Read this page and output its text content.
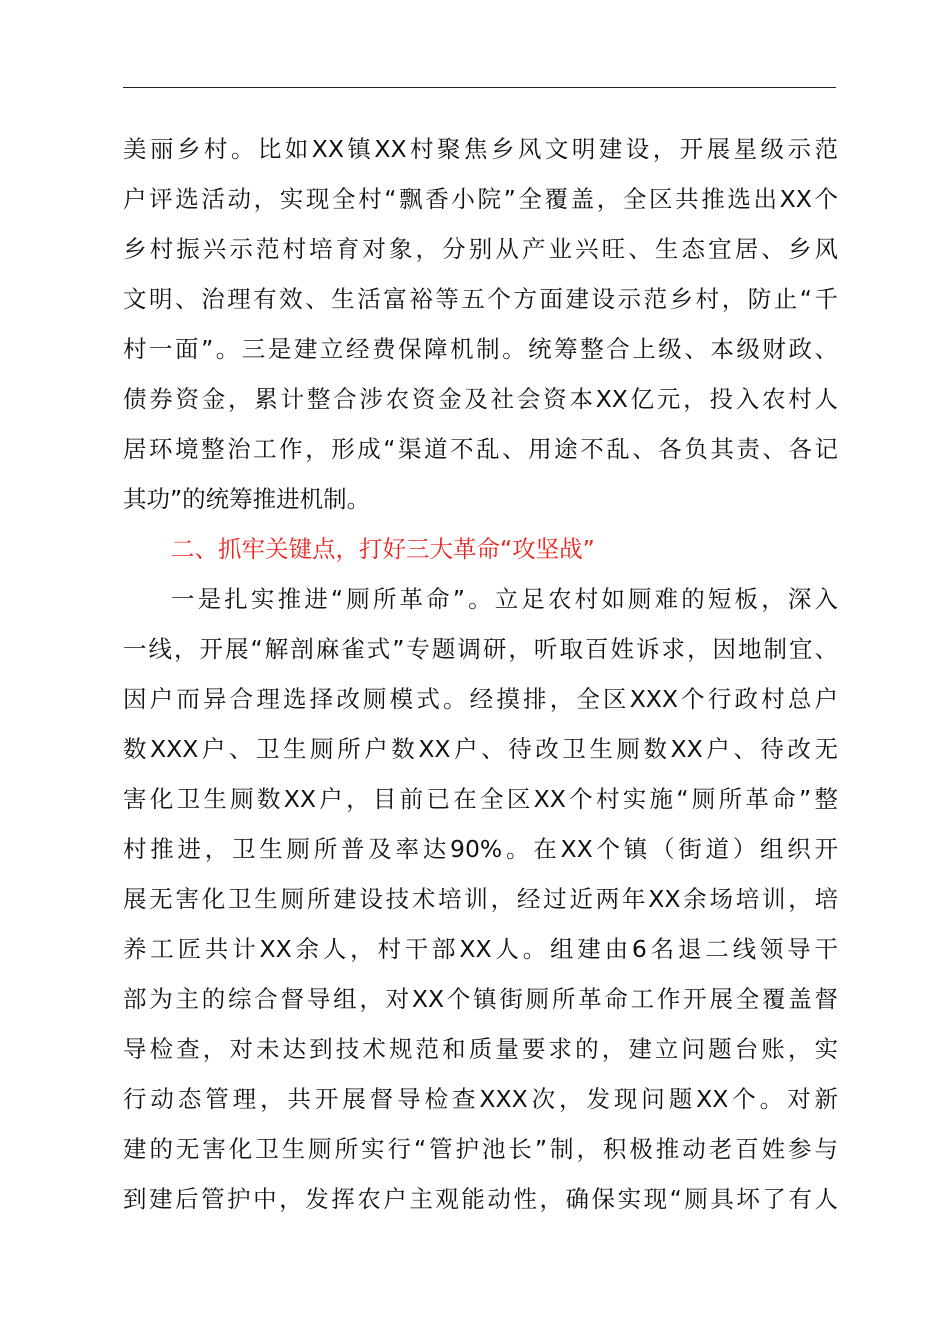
美丽乡村。比如XX镇XX村聚焦乡风文明建设，开展星级示范
户评选活动，实现全村“飘香小院”全覆盖，全区共推选出XX个
乡村振兴示范村培育对象，分别从产业兴旺、生态宜居、乡风
文明、治理有效、生活富裕等五个方面建设示范乡村，防止“千
村一面”。三是建立经费保障机制。统筹整合上级、本级财政、
债券资金，累计整合涉农资金及社会资本XX亿元，投入农村人
居环境整治工作，形成“渠道不乱、用途不乱、各负其责、各记
其功”的统筹推进机制。
二、抓牢关键点，打好三大革命“攻坚战”
一是扎实推进“厕所革命”。立足农村如厕难的短板，深入
一线，开展“解剖麻雀式”专题调研，听取百姓诉求，因地制宜、
因户而异合理选择改厕模式。经摸排，全区XXX个行政村总户
数XXX户、卫生厕所户数XX户、待改卫生厕数XX户、待改无
害化卫生厕数XX户，目前已在全区XX个村实施“厕所革命”整
村推进，卫生厕所普及率达90%。在XX个镇（街道）组织开
展无害化卫生厕所建设技术培训，经过近两年XX余场培训，培
养工匠共计XX余人，村干部XX人。组建由6名退二线领导干
部为主的综合督导组，对XX个镇街厕所革命工作开展全覆盖督
导检查，对未达到技术规范和质量要求的，建立问题台账，实
行动态管理，共开展督导检查XXX次，发现问题XX个。对新
建的无害化卫生厕所实行“管护池长”制，积极推动老百姓参与
到建后管护中，发挥农户主观能动性，确保实现“厕具坏了有人
